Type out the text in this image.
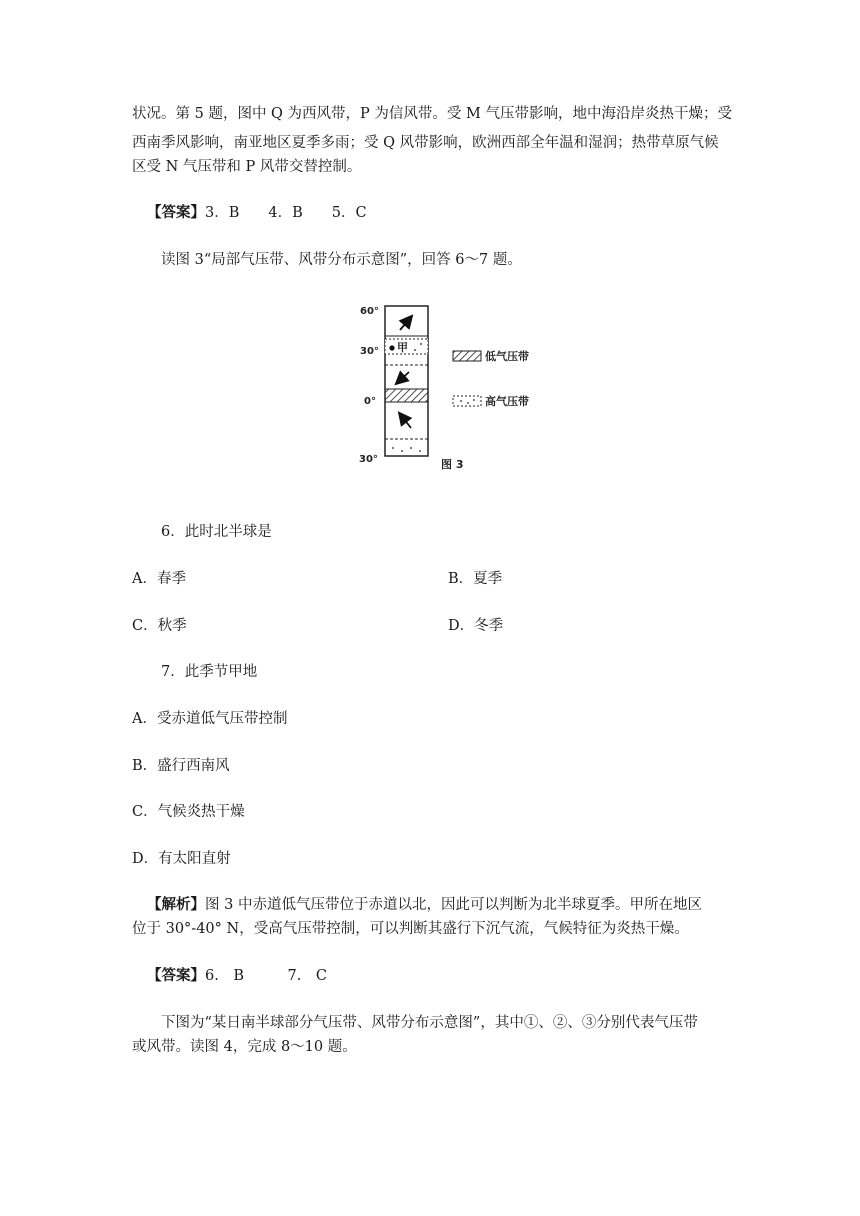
状况。第 5 题，图中 Q 为西风带，P 为信风带。受 M 气压带影响，地中海沿岸炎热干燥；受
西南季风影响，南亚地区夏季多雨；受 Q 风带影响，欧洲西部全年温和湿润；热带草原气候
区受 N 气压带和 P 风带交替控制。
【答案】3．B　　4．B　　5．C
读图 3“局部气压带、风带分布示意图”，回答 6～7 题。
甲
60°
30°
0°
30°
低气压带
高气压带
图 3
6．此时北半球是
A．春季	B．夏季
C．秋季	D．冬季
7．此季节甲地
A．受赤道低气压带控制
B．盛行西南风
C．气候炎热干燥
D．有太阳直射
【解析】图 3 中赤道低气压带位于赤道以北，因此可以判断为北半球夏季。甲所在地区
位于 30°-40° N，受高气压带控制，可以判断其盛行下沉气流，气候特征为炎热干燥。
【答案】6.　B　　　7.　C
下图为“某日南半球部分气压带、风带分布示意图”，其中①、②、③分别代表气压带
或风带。读图 4，完成 8～10 题。
